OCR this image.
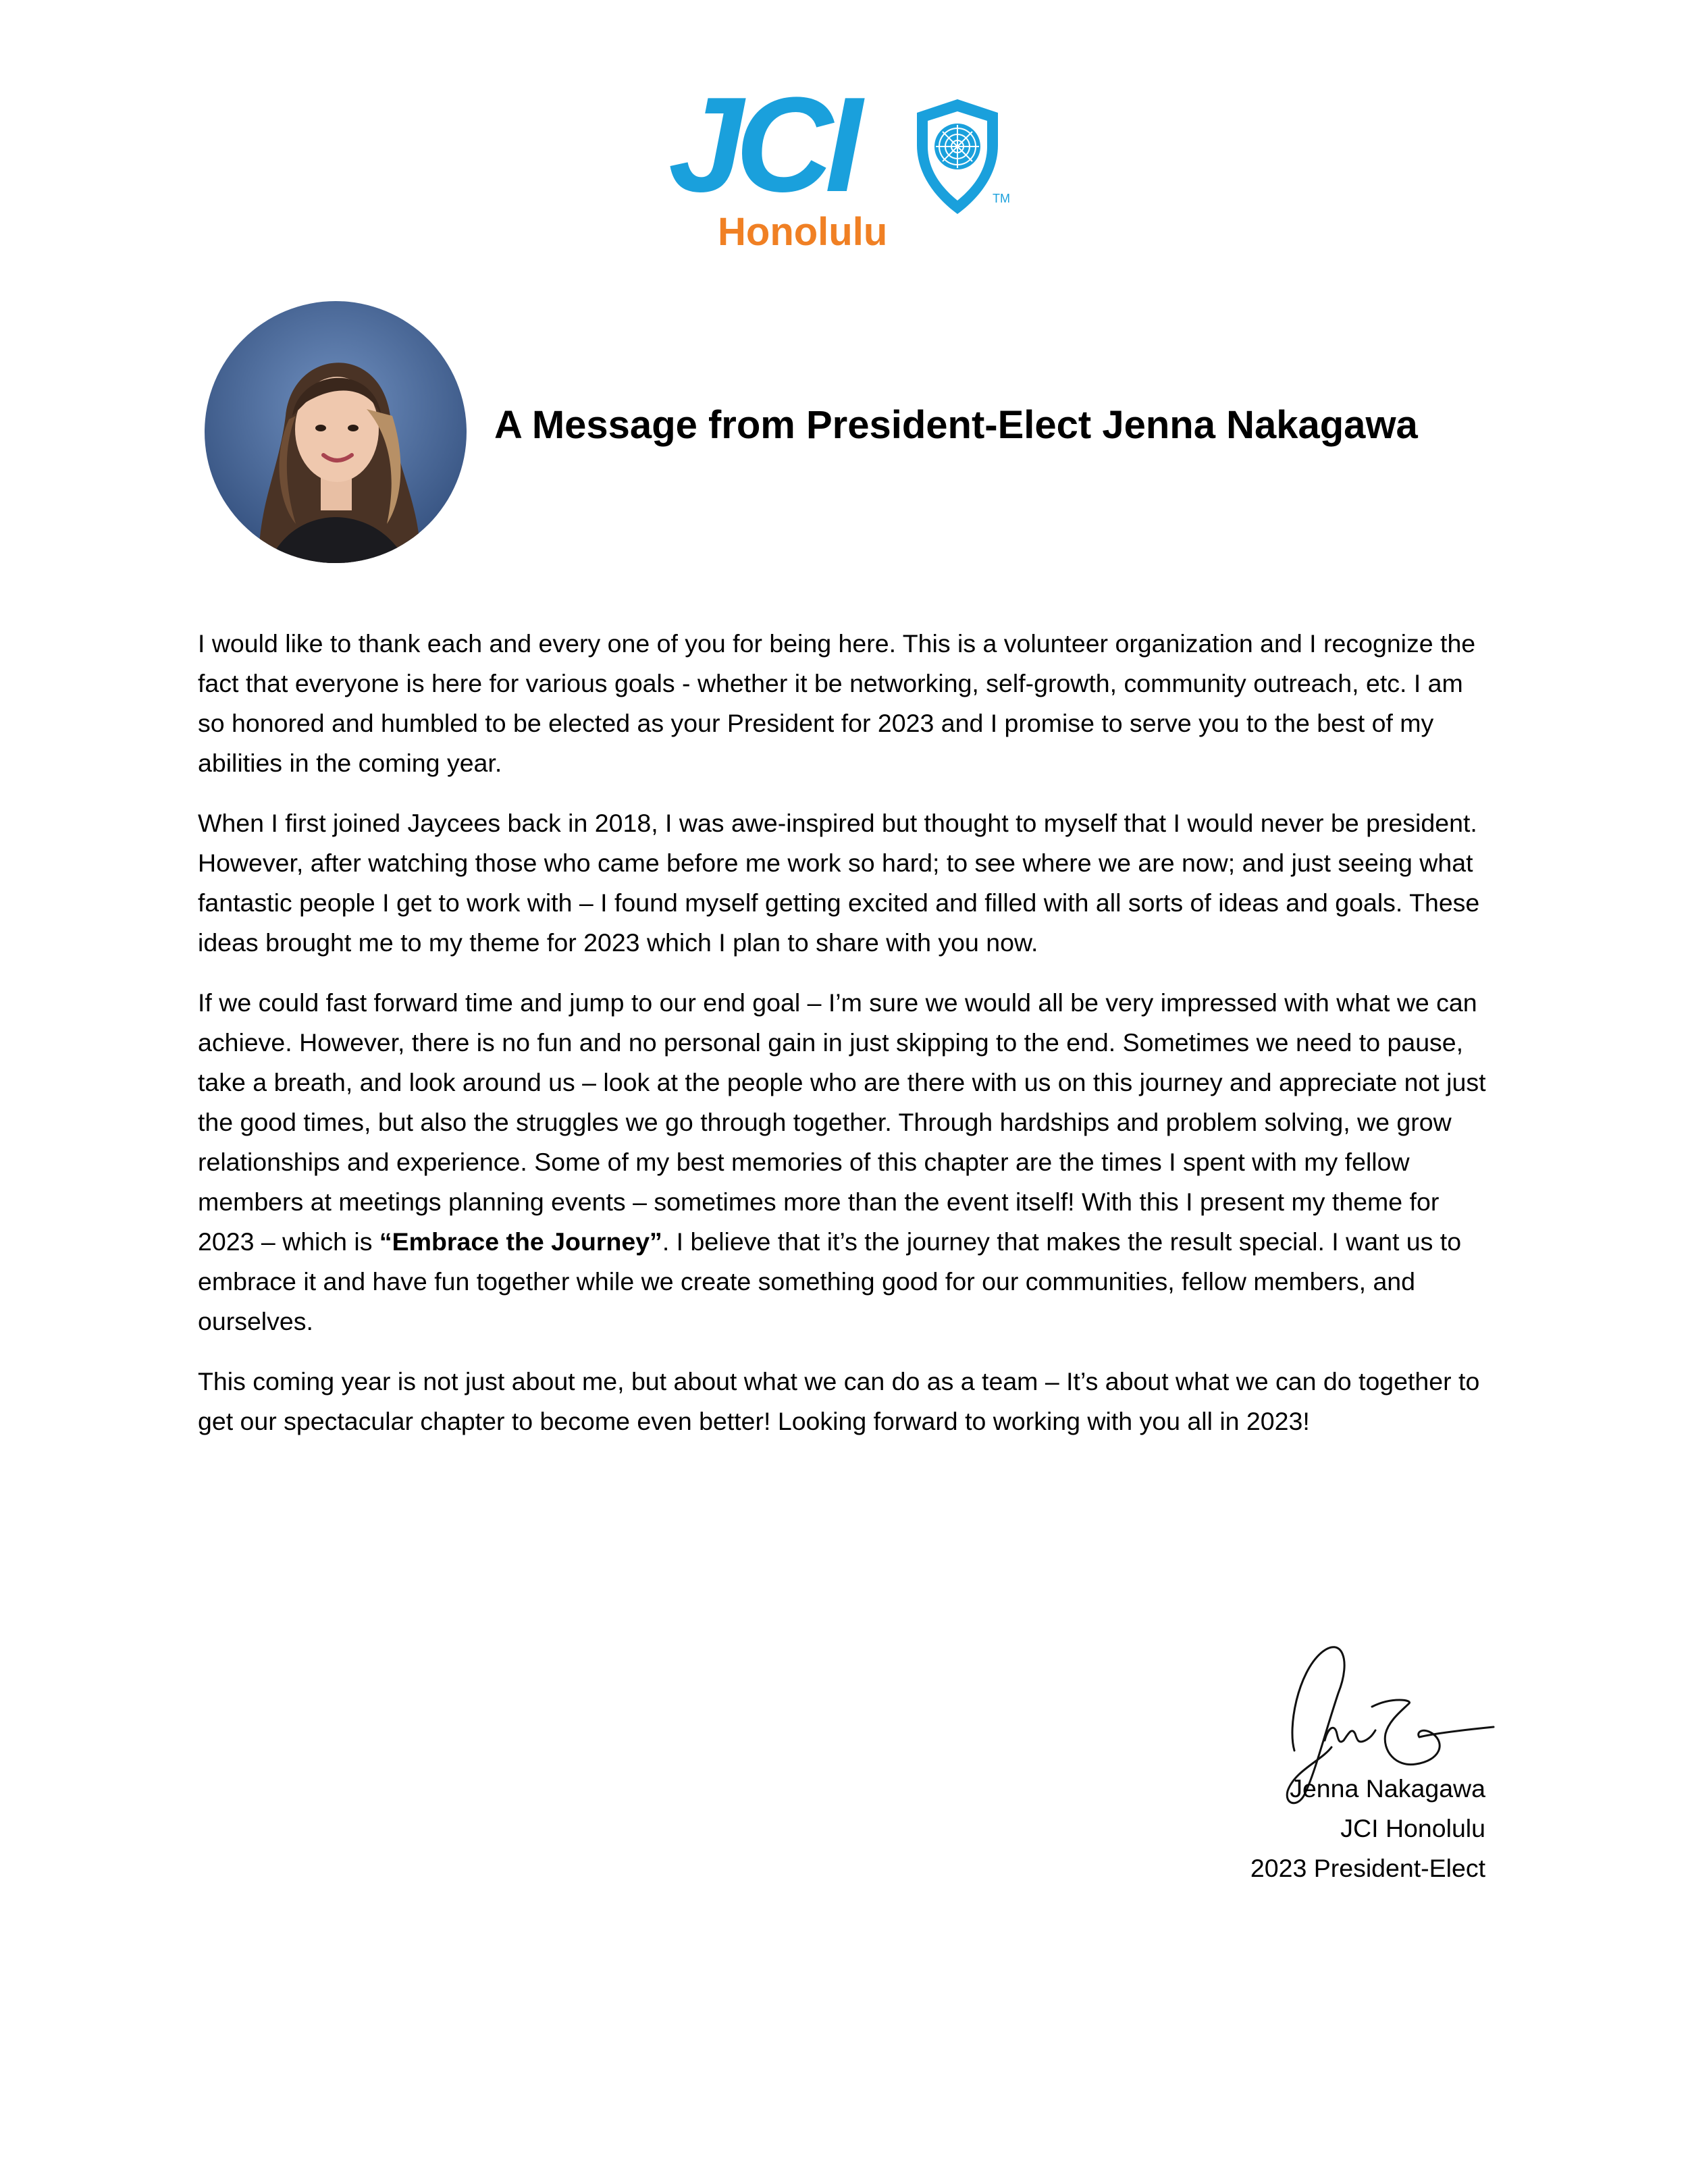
JCI	TM
Honolulu
A Message from President-Elect Jenna Nakagawa

I would like to thank each and every one of you for being here. This is a volunteer organization and I recognize the fact that everyone is here for various goals - whether it be networking, self-growth, community outreach, etc. I am so honored and humbled to be elected as your President for 2023 and I promise to serve you to the best of my abilities in the coming year.

When I first joined Jaycees back in 2018, I was awe-inspired but thought to myself that I would never be president. However, after watching those who came before me work so hard; to see where we are now; and just seeing what fantastic people I get to work with – I found myself getting excited and filled with all sorts of ideas and goals. These ideas brought me to my theme for 2023 which I plan to share with you now.

If we could fast forward time and jump to our end goal – I’m sure we would all be very impressed with what we can achieve. However, there is no fun and no personal gain in just skipping to the end. Sometimes we need to pause, take a breath, and look around us – look at the people who are there with us on this journey and appreciate not just the good times, but also the struggles we go through together. Through hardships and problem solving, we grow relationships and experience. Some of my best memories of this chapter are the times I spent with my fellow members at meetings planning events – sometimes more than the event itself! With this I present my theme for 2023 – which is “Embrace the Journey”. I believe that it’s the journey that makes the result special. I want us to embrace it and have fun together while we create something good for our communities, fellow members, and ourselves.

This coming year is not just about me, but about what we can do as a team – It’s about what we can do together to get our spectacular chapter to become even better! Looking forward to working with you all in 2023!

Jenna Nakagawa
JCI Honolulu
2023 President-Elect
